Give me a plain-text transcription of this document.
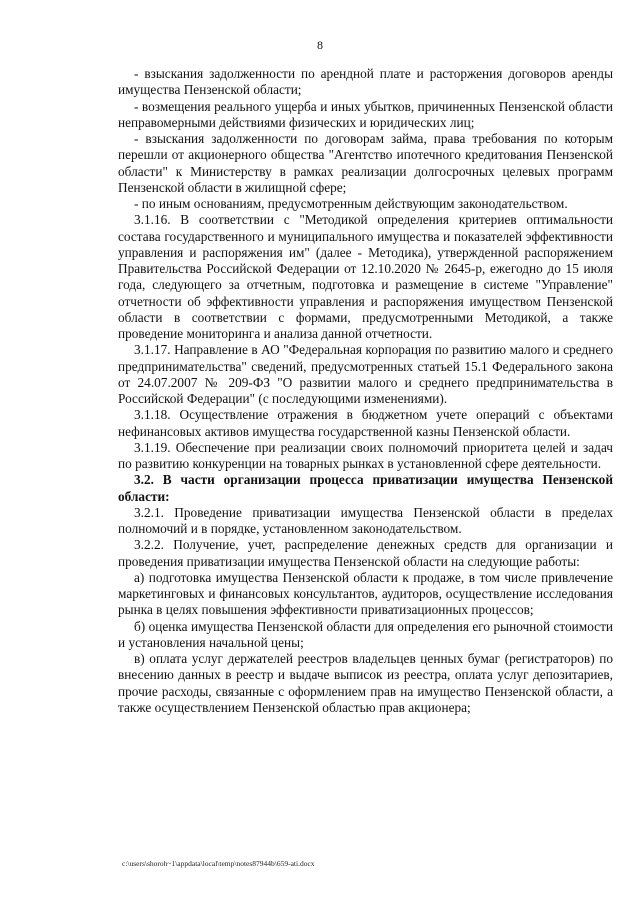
8

- взыскания задолженности по арендной плате и расторжения договоров аренды имущества Пензенской области;

- возмещения реального ущерба и иных убытков, причиненных Пензенской области неправомерными действиями физических и юридических лиц;

- взыскания задолженности по договорам займа, права требования по которым перешли от акционерного общества "Агентство ипотечного кредитования Пензенской области" к Министерству в рамках реализации долгосрочных целевых программ Пензенской области в жилищной сфере;

- по иным основаниям, предусмотренным действующим законодательством.

3.1.16. В соответствии с "Методикой определения критериев оптимальности состава государственного и муниципального имущества и показателей эффективности управления и распоряжения им" (далее - Методика), утвержденной распоряжением Правительства Российской Федерации от 12.10.2020 № 2645-р, ежегодно до 15 июля года, следующего за отчетным, подготовка и размещение в системе "Управление" отчетности об эффективности управления и распоряжения имуществом Пензенской области в соответствии с формами, предусмотренными Методикой, а также проведение мониторинга и анализа данной отчетности.

3.1.17. Направление в АО "Федеральная корпорация по развитию малого и среднего предпринимательства" сведений, предусмотренных статьей 15.1 Федерального закона от 24.07.2007 № 209-ФЗ "О развитии малого и среднего предпринимательства в Российской Федерации" (с последующими изменениями).

3.1.18. Осуществление отражения в бюджетном учете операций с объектами нефинансовых активов имущества государственной казны Пензенской области.

3.1.19. Обеспечение при реализации своих полномочий приоритета целей и задач по развитию конкуренции на товарных рынках в установленной сфере деятельности.

3.2. В части организации процесса приватизации имущества Пензенской области:

3.2.1. Проведение приватизации имущества Пензенской области в пределах полномочий и в порядке, установленном законодательством.

3.2.2. Получение, учет, распределение денежных средств для организации и проведения приватизации имущества Пензенской области на следующие работы:

а) подготовка имущества Пензенской области к продаже, в том числе привлечение маркетинговых и финансовых консультантов, аудиторов, осуществление исследования рынка в целях повышения эффективности приватизационных процессов;

б) оценка имущества Пензенской области для определения его рыночной стоимости и установления начальной цены;

в) оплата услуг держателей реестров владельцев ценных бумаг (регистраторов) по внесению данных в реестр и выдаче выписок из реестра, оплата услуг депозитариев, прочие расходы, связанные с оформлением прав на имущество Пензенской области, а также осуществлением Пензенской областью прав акционера;

c:\users\shoroh~1\appdata\local\temp\notes87944b\659-ati.docx
